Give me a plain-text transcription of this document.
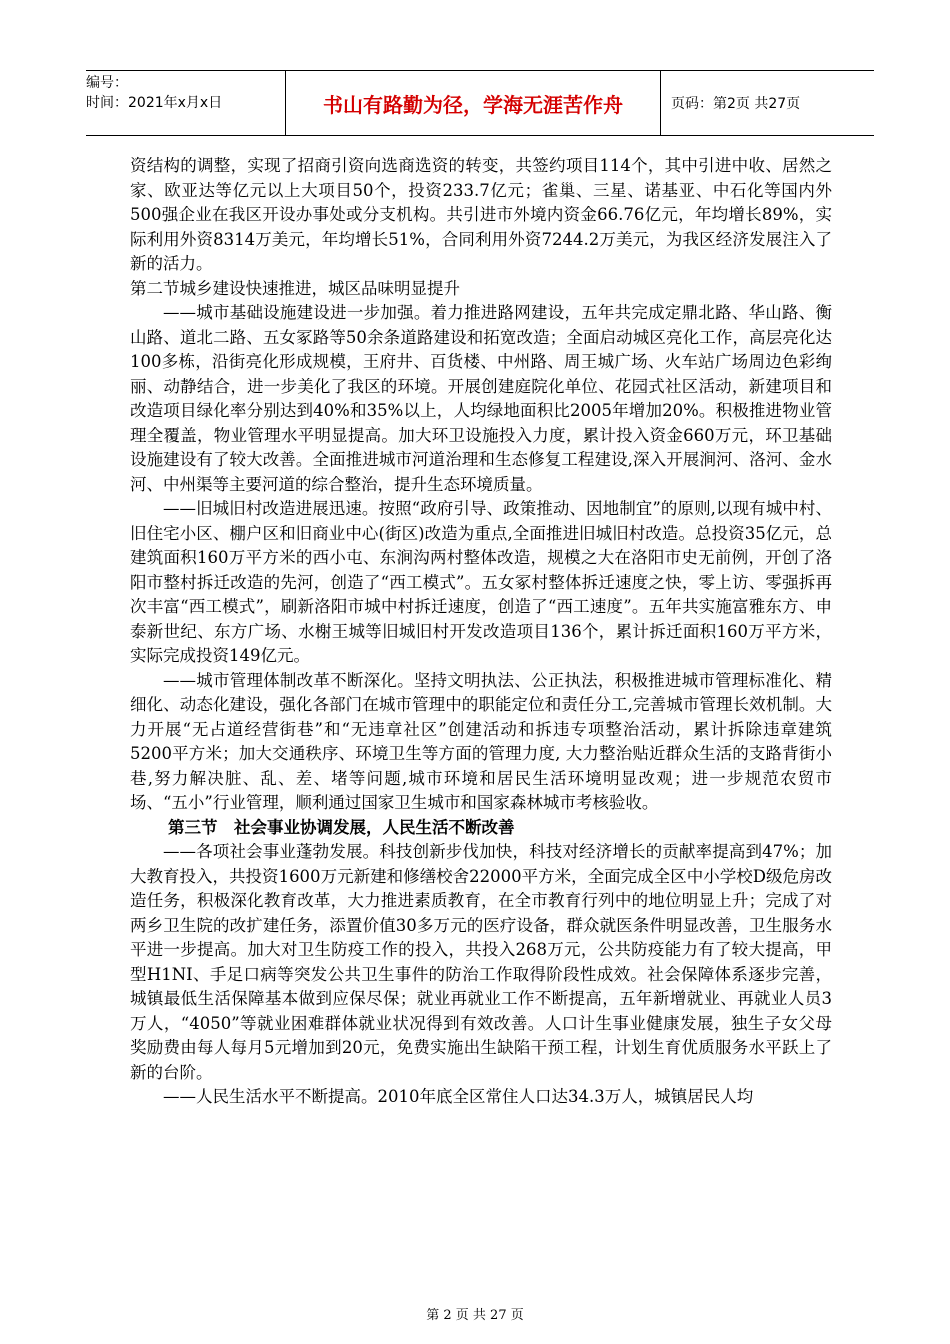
编号：
时间：2021年x月x日	书山有路勤为径，学海无涯苦作舟	页码：第2页 共27页

资结构的调整，实现了招商引资向选商选资的转变，共签约项目114个，其中引进中收、居然之家、欧亚达等亿元以上大项目50个，投资233.7亿元；雀巢、三星、诺基亚、中石化等国内外500强企业在我区开设办事处或分支机构。共引进市外境内资金66.76亿元，年均增长89%，实际利用外资8314万美元，年均增长51%，合同利用外资7244.2万美元，为我区经济发展注入了新的活力。

第二节城乡建设快速推进，城区品味明显提升

——城市基础设施建设进一步加强。着力推进路网建设，五年共完成定鼎北路、华山路、衡山路、道北二路、五女冢路等50余条道路建设和拓宽改造；全面启动城区亮化工作，高层亮化达100多栋，沿街亮化形成规模，王府井、百货楼、中州路、周王城广场、火车站广场周边色彩绚丽、动静结合，进一步美化了我区的环境。开展创建庭院化单位、花园式社区活动，新建项目和改造项目绿化率分别达到40%和35%以上，人均绿地面积比2005年增加20%。积极推进物业管理全覆盖，物业管理水平明显提高。加大环卫设施投入力度，累计投入资金660万元，环卫基础设施建设有了较大改善。全面推进城市河道治理和生态修复工程建设,深入开展涧河、洛河、金水河、中州渠等主要河道的综合整治，提升生态环境质量。

——旧城旧村改造进展迅速。按照“政府引导、政策推动、因地制宜”的原则,以现有城中村、旧住宅小区、棚户区和旧商业中心(街区)改造为重点,全面推进旧城旧村改造。总投资35亿元，总建筑面积160万平方米的西小屯、东涧沟两村整体改造，规模之大在洛阳市史无前例，开创了洛阳市整村拆迁改造的先河，创造了“西工模式”。五女冢村整体拆迁速度之快，零上访、零强拆再次丰富“西工模式”，刷新洛阳市城中村拆迁速度，创造了“西工速度”。五年共实施富雅东方、申泰新世纪、东方广场、水榭王城等旧城旧村开发改造项目136个，累计拆迁面积160万平方米，实际完成投资149亿元。

——城市管理体制改革不断深化。坚持文明执法、公正执法，积极推进城市管理标准化、精细化、动态化建设，强化各部门在城市管理中的职能定位和责任分工,完善城市管理长效机制。大力开展“无占道经营街巷”和“无违章社区”创建活动和拆违专项整治活动，累计拆除违章建筑5200平方米；加大交通秩序、环境卫生等方面的管理力度, 大力整治贴近群众生活的支路背街小巷,努力解决脏、乱、差、堵等问题,城市环境和居民生活环境明显改观；进一步规范农贸市场、“五小”行业管理，顺利通过国家卫生城市和国家森林城市考核验收。

第三节　社会事业协调发展，人民生活不断改善

——各项社会事业蓬勃发展。科技创新步伐加快，科技对经济增长的贡献率提高到47%；加大教育投入，共投资1600万元新建和修缮校舍22000平方米，全面完成全区中小学校D级危房改造任务，积极深化教育改革，大力推进素质教育，在全市教育行列中的地位明显上升；完成了对两乡卫生院的改扩建任务，添置价值30多万元的医疗设备，群众就医条件明显改善，卫生服务水平进一步提高。加大对卫生防疫工作的投入，共投入268万元，公共防疫能力有了较大提高，甲型H1NI、手足口病等突发公共卫生事件的防治工作取得阶段性成效。社会保障体系逐步完善，城镇最低生活保障基本做到应保尽保；就业再就业工作不断提高，五年新增就业、再就业人员3万人，“4050”等就业困难群体就业状况得到有效改善。人口计生事业健康发展，独生子女父母奖励费由每人每月5元增加到20元，免费实施出生缺陷干预工程，计划生育优质服务水平跃上了新的台阶。

——人民生活水平不断提高。2010年底全区常住人口达34.3万人，城镇居民人均

第 2 页 共 27 页
